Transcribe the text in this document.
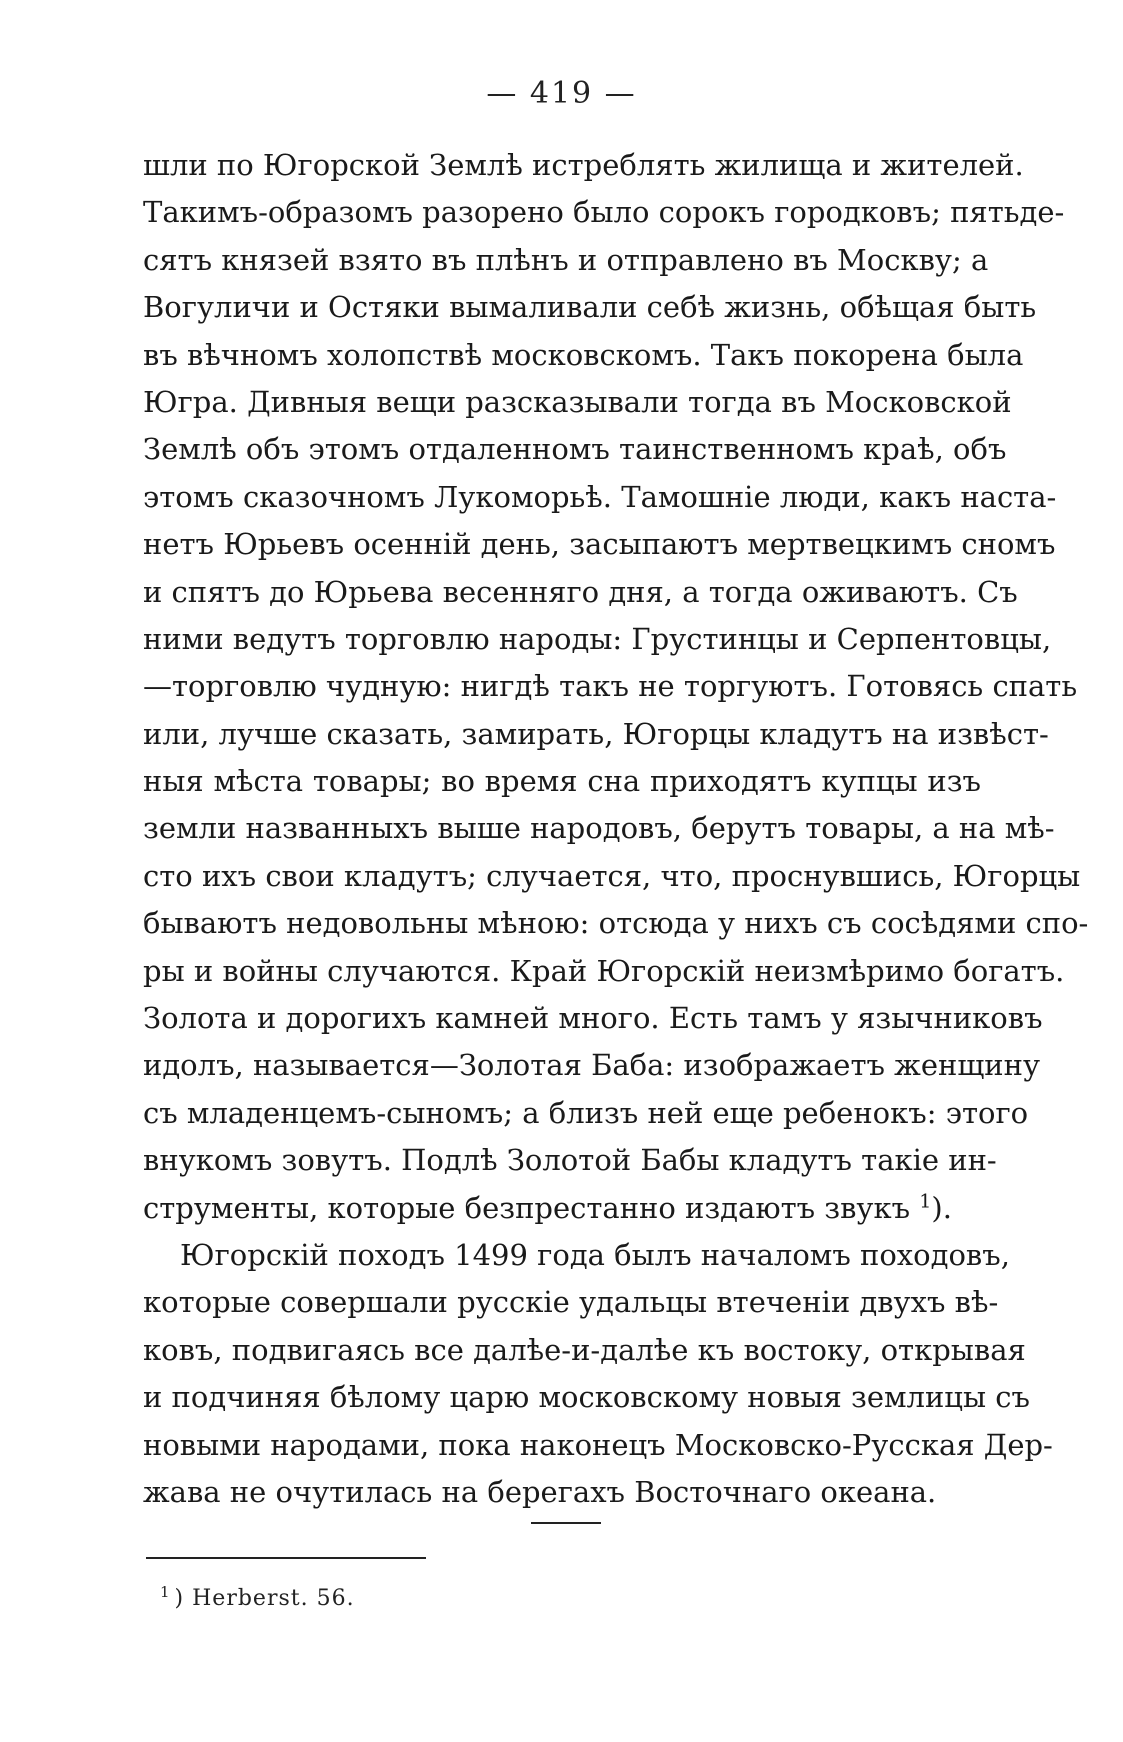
— 419 —
шли по Югорской Землѣ истреблять жилища и жителей.
Такимъ-образомъ разорено было сорокъ городковъ; пятьде-
сятъ князей взято въ плѣнъ и отправлено въ Москву; а
Вогуличи и Остяки вымаливали себѣ жизнь, обѣщая быть
въ вѣчномъ холопствѣ московскомъ. Такъ покорена была
Югра. Дивныя вещи разсказывали тогда въ Московской
Землѣ объ этомъ отдаленномъ таинственномъ краѣ, объ
этомъ сказочномъ Лукоморьѣ. Тамошніе люди, какъ наста-
нетъ Юрьевъ осенній день, засыпаютъ мертвецкимъ сномъ
и спятъ до Юрьева весенняго дня, а тогда оживаютъ. Съ
ними ведутъ торговлю народы: Грустинцы и Серпентовцы,
—торговлю чудную: нигдѣ такъ не торгуютъ. Готовясь спать
или, лучше сказать, замирать, Югорцы кладутъ на извѣст-
ныя мѣста товары; во время сна приходятъ купцы изъ
земли названныхъ выше народовъ, берутъ товары, а на мѣ-
сто ихъ свои кладутъ; случается, что, проснувшись, Югорцы
бываютъ недовольны мѣною: отсюда у нихъ съ сосѣдями спо-
ры и войны случаются. Край Югорскій неизмѣримо богатъ.
Золота и дорогихъ камней много. Есть тамъ у язычниковъ
идолъ, называется—Золотая Баба: изображаетъ женщину
съ младенцемъ-сыномъ; а близъ ней еще ребенокъ: этого
внукомъ зовутъ. Подлѣ Золотой Бабы кладутъ такіе ин-
струменты, которые безпрестанно издаютъ звукъ $^1$).
Югорскій походъ 1499 года былъ началомъ походовъ,
которые совершали русскіе удальцы втеченіи двухъ вѣ-
ковъ, подвигаясь все далѣе-и-далѣе къ востоку, открывая
и подчиняя бѣлому царю московскому новыя землицы съ
новыми народами, пока наконецъ Московско-Русская Дер-
жава не очутилась на берегахъ Восточнаго океана.
$^1$ ) Herberst. 56.
